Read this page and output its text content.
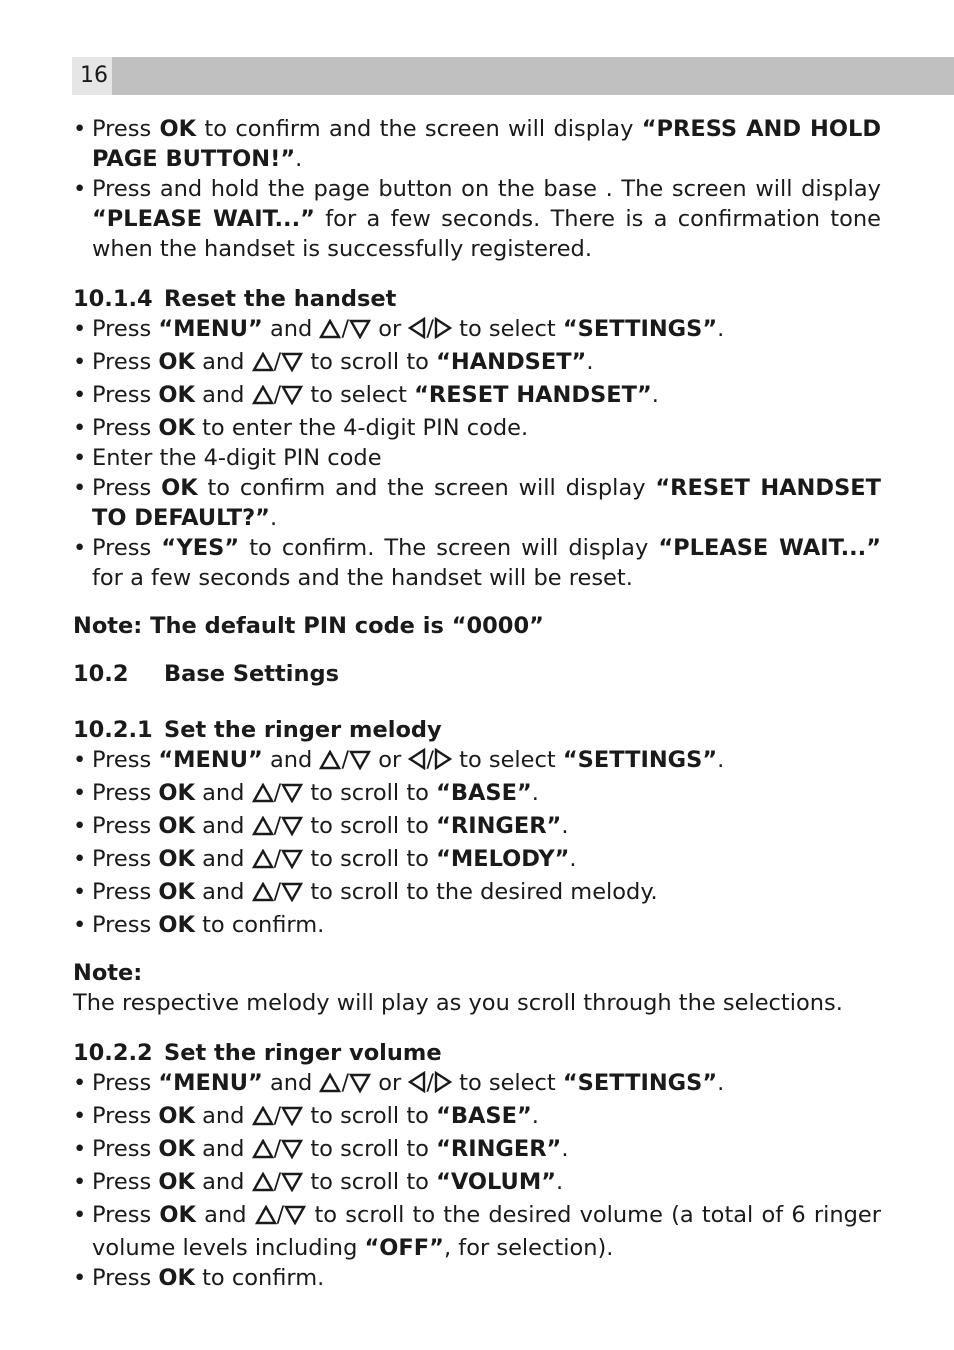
16
• Press OK to confirm and the screen will display “PRESS AND HOLD PAGE BUTTON!”.
• Press and hold the page button on the base . The screen will display “PLEASE WAIT...” for a few seconds. There is a confirmation tone when the handset is successfully registered.
10.1.4 Reset the handset
• Press “MENU” and / or / to select “SETTINGS”.
• Press OK and / to scroll to “HANDSET”.
• Press OK and / to select “RESET HANDSET”.
• Press OK to enter the 4-digit PIN code.
• Enter the 4-digit PIN code
• Press OK to confirm and the screen will display “RESET HANDSET TO DEFAULT?”.
• Press “YES” to confirm. The screen will display “PLEASE WAIT...” for a few seconds and the handset will be reset.
Note: The default PIN code is “0000”
10.2 Base Settings
10.2.1 Set the ringer melody
• Press “MENU” and / or / to select “SETTINGS”.
• Press OK and / to scroll to “BASE”.
• Press OK and / to scroll to “RINGER”.
• Press OK and / to scroll to “MELODY”.
• Press OK and / to scroll to the desired melody.
• Press OK to confirm.
Note:
The respective melody will play as you scroll through the selections.
10.2.2 Set the ringer volume
• Press “MENU” and / or / to select “SETTINGS”.
• Press OK and / to scroll to “BASE”.
• Press OK and / to scroll to “RINGER”.
• Press OK and / to scroll to “VOLUM”.
• Press OK and / to scroll to the desired volume (a total of 6 ringer volume levels including “OFF”, for selection).
• Press OK to confirm.
